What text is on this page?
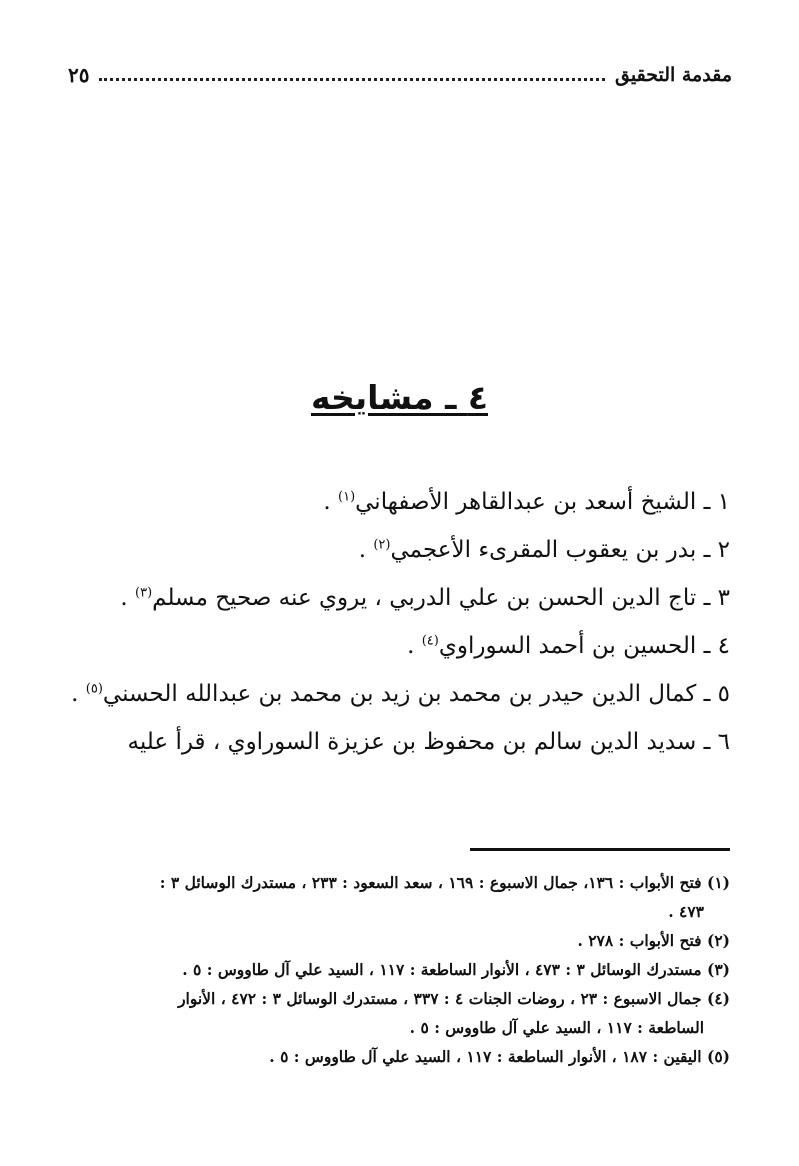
مقدمة التحقيق
٢٥
٤ ـ مشايخه

١ ـ الشيخ أسعد بن عبدالقاهر الأصفهاني$^{(١)}$ .

٢ ـ بدر بن يعقوب المقرىء الأعجمي$^{(٢)}$ .

٣ ـ تاج الدين الحسن بن علي الدربي ، يروي عنه صحيح مسلم$^{(٣)}$ .

٤ ـ الحسين بن أحمد السوراوي$^{(٤)}$ .

٥ ـ كمال الدين حيدر بن محمد بن زيد بن محمد بن عبدالله الحسني$^{(٥)}$ .

٦ ـ سديد الدين سالم بن محفوظ بن عزيزة السوراوي ، قرأ عليه

(١) فتح الأبواب : ١٣٦، جمال الاسبوع : ١٦٩ ، سعد السعود : ٢٣٣ ، مستدرك الوسائل ٣ :
٤٧٣ .

(٢) فتح الأبواب : ٢٧٨ .

(٣) مستدرك الوسائل ٣ : ٤٧٣ ، الأنوار الساطعة : ١١٧ ، السيد علي آل طاووس : ٥ .

(٤) جمال الاسبوع : ٢٣ ، روضات الجنات ٤ : ٣٣٧ ، مستدرك الوسائل ٣ : ٤٧٢ ، الأنوار
الساطعة : ١١٧ ، السيد علي آل طاووس : ٥ .

(٥) اليقين : ١٨٧ ، الأنوار الساطعة : ١١٧ ، السيد علي آل طاووس : ٥ .
